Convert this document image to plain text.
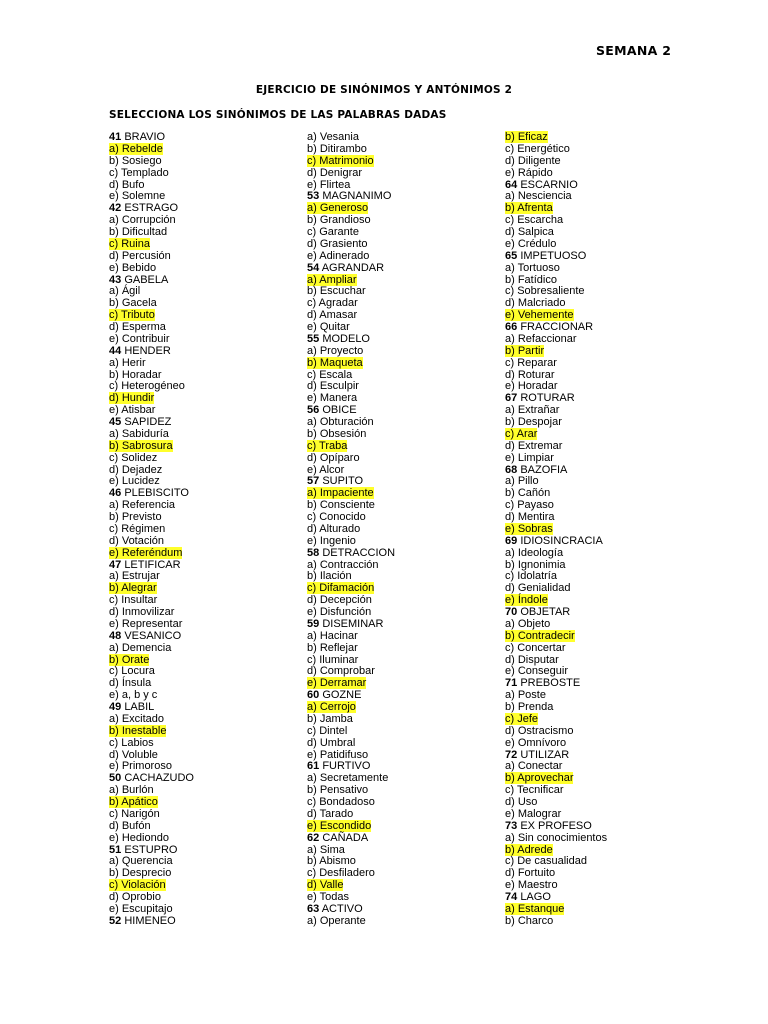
SEMANA 2
EJERCICIO DE SINÓNIMOS Y ANTÓNIMOS 2
SELECCIONA LOS SINÓNIMOS DE LAS PALABRAS DADAS
41 BRAVIO
a) Rebelde
b) Sosiego
c) Templado
d) Bufo
e) Solemne
42 ESTRAGO
a) Corrupción
b) Dificultad
c) Ruina
d) Percusión
e) Bebido
43 GABELA
a) Ágil
b) Gacela
c) Tributo
d) Esperma
e) Contribuir
44 HENDER
a) Herir
b) Horadar
c) Heterogéneo
d) Hundir
e) Atisbar
45 SAPIDEZ
a) Sabiduría
b) Sabrosura
c) Solidez
d) Dejadez
e) Lucidez
46 PLEBISCITO
a) Referencia
b) Previsto
c) Régimen
d) Votación
e) Referéndum
47 LETIFICAR
a) Estrujar
b) Alegrar
c) Insultar
d) Inmovilizar
e) Representar
48 VESANICO
a) Demencia
b) Orate
c) Locura
d) Ínsula
e) a, b y c
49 LABIL
a) Excitado
b) Inestable
c) Labios
d) Voluble
e) Primoroso
50 CACHAZUDO
a) Burlón
b) Apático
c) Narigón
d) Bufón
e) Hediondo
51 ESTUPRO
a) Querencia
b) Desprecio
c) Violación
d) Oprobio
e) Escupitajo
52 HIMENEO
a) Vesania
b) Ditirambo
c) Matrimonio
d) Denigrar
e) Flirtea
53 MAGNANIMO
a) Generoso
b) Grandioso
c) Garante
d) Grasiento
e) Adinerado
54 AGRANDAR
a) Ampliar
b) Escuchar
c) Agradar
d) Amasar
e) Quitar
55 MODELO
a) Proyecto
b) Maqueta
c) Escala
d) Esculpir
e) Manera
56 OBICE
a) Obturación
b) Obsesión
c) Traba
d) Opíparo
e) Alcor
57 SUPITO
a) Impaciente
b) Consciente
c) Conocido
d) Alturado
e) Ingenio
58 DETRACCION
a) Contracción
b) Ilación
c) Difamación
d) Decepción
e) Disfunción
59 DISEMINAR
a) Hacinar
b) Reflejar
c) Iluminar
d) Comprobar
e) Derramar
60 GOZNE
a) Cerrojo
b) Jamba
c) Dintel
d) Umbral
e) Patidifuso
61 FURTIVO
a) Secretamente
b) Pensativo
c) Bondadoso
d) Tarado
e) Escondido
62 CAÑADA
a) Sima
b) Abismo
c) Desfiladero
d) Valle
e) Todas
63 ACTIVO
a) Operante
b) Eficaz
c) Energético
d) Diligente
e) Rápido
64 ESCARNIO
a) Nesciencia
b) Afrenta
c) Escarcha
d) Salpica
e) Crédulo
65 IMPETUOSO
a) Tortuoso
b) Fatídico
c) Sobresaliente
d) Malcriado
e) Vehemente
66 FRACCIONAR
a) Refaccionar
b) Partir
c) Reparar
d) Roturar
e) Horadar
67 ROTURAR
a) Extrañar
b) Despojar
c) Arar
d) Extremar
e) Limpiar
68 BAZOFIA
a) Pillo
b) Cañón
c) Payaso
d) Mentira
e) Sobras
69 IDIOSINCRACIA
a) Ideología
b) Ignonimia
c) Idolatría
d) Genialidad
e) Índole
70 OBJETAR
a) Objeto
b) Contradecir
c) Concertar
d) Disputar
e) Conseguir
71 PREBOSTE
a) Poste
b) Prenda
c) Jefe
d) Ostracismo
e) Omnívoro
72 UTILIZAR
a) Conectar
b) Aprovechar
c) Tecnificar
d) Uso
e) Malograr
73 EX PROFESO
a) Sin conocimientos
b) Adrede
c) De casualidad
d) Fortuito
e) Maestro
74 LAGO
a) Estanque
b) Charco
